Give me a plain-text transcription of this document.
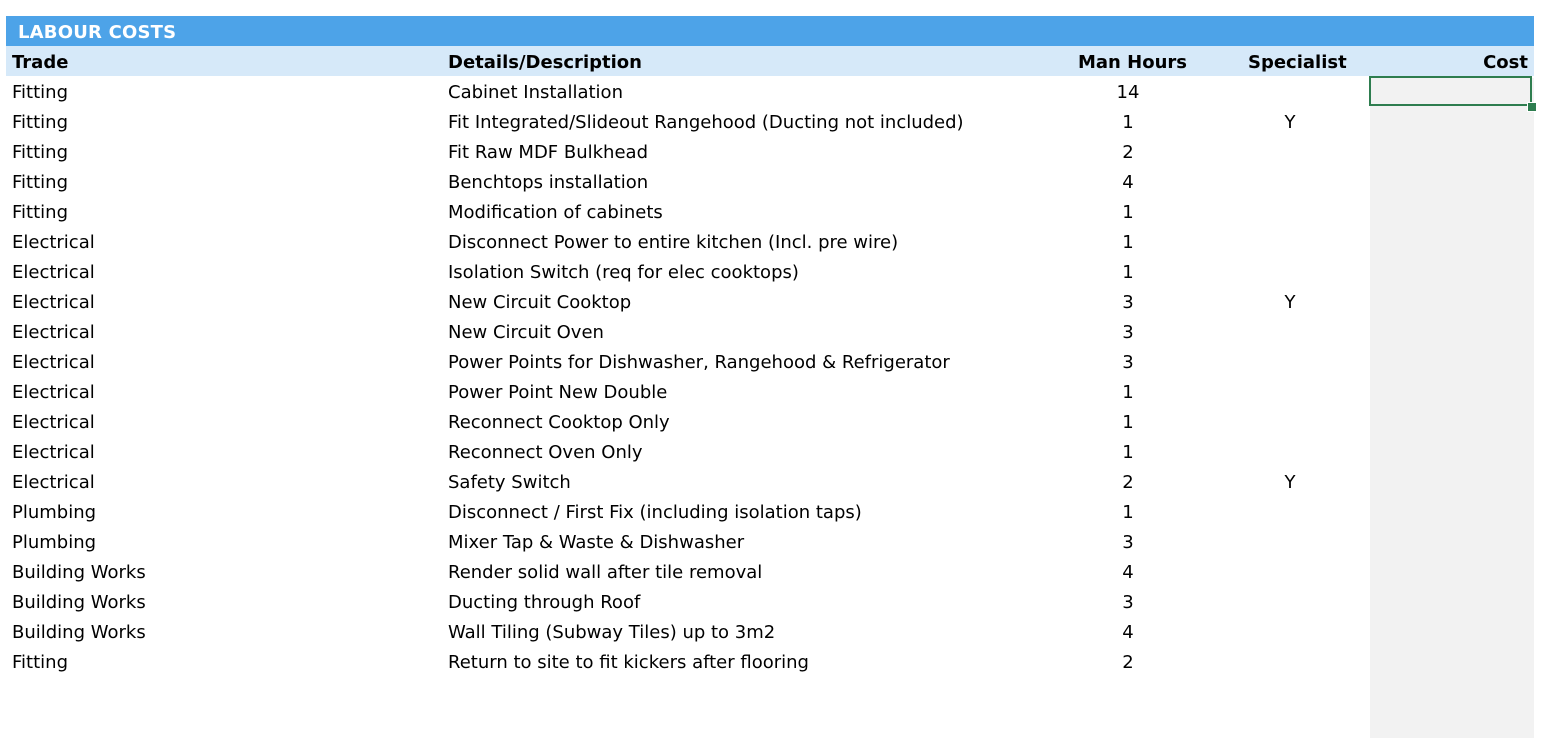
LABOUR COSTS
Trade	Details/Description	Man Hours	Specialist	Cost
Fitting	Cabinet Installation	14
Fitting	Fit Integrated/Slideout Rangehood (Ducting not included)	1	Y
Fitting	Fit Raw MDF Bulkhead	2
Fitting	Benchtops installation	4
Fitting	Modification of cabinets	1
Electrical	Disconnect Power to entire kitchen (Incl. pre wire)	1
Electrical	Isolation Switch (req for elec cooktops)	1
Electrical	New Circuit Cooktop	3	Y
Electrical	New Circuit Oven	3
Electrical	Power Points for Dishwasher, Rangehood & Refrigerator	3
Electrical	Power Point New Double	1
Electrical	Reconnect Cooktop Only	1
Electrical	Reconnect Oven Only	1
Electrical	Safety Switch	2	Y
Plumbing	Disconnect / First Fix (including isolation taps)	1
Plumbing	Mixer Tap & Waste & Dishwasher	3
Building Works	Render solid wall after tile removal	4
Building Works	Ducting through Roof	3
Building Works	Wall Tiling (Subway Tiles) up to 3m2	4
Fitting	Return to site to fit kickers after flooring	2
